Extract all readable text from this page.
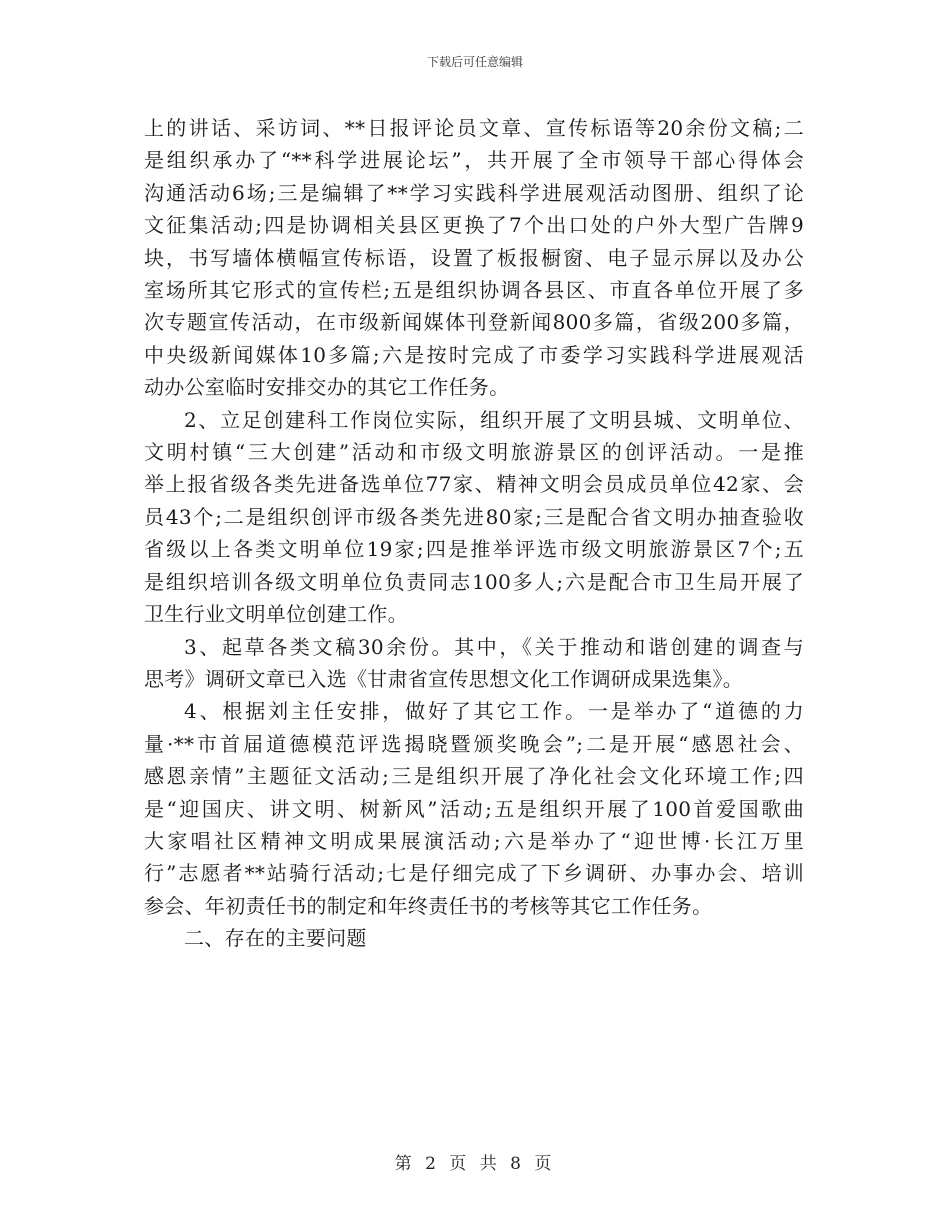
下载后可任意编辑

上的讲话、采访词、**日报评论员文章、宣传标语等20余份文稿;二
是组织承办了“**科学进展论坛”，共开展了全市领导干部心得体会
沟通活动6场;三是编辑了**学习实践科学进展观活动图册、组织了论
文征集活动;四是协调相关县区更换了7个出口处的户外大型广告牌9
块，书写墙体横幅宣传标语，设置了板报橱窗、电子显示屏以及办公
室场所其它形式的宣传栏;五是组织协调各县区、市直各单位开展了多
次专题宣传活动，在市级新闻媒体刊登新闻800多篇，省级200多篇，
中央级新闻媒体10多篇;六是按时完成了市委学习实践科学进展观活
动办公室临时安排交办的其它工作任务。

2、立足创建科工作岗位实际，组织开展了文明县城、文明单位、
文明村镇“三大创建”活动和市级文明旅游景区的创评活动。一是推
举上报省级各类先进备选单位77家、精神文明会员成员单位42家、会
员43个;二是组织创评市级各类先进80家;三是配合省文明办抽查验收
省级以上各类文明单位19家;四是推举评选市级文明旅游景区7个;五
是组织培训各级文明单位负责同志100多人;六是配合市卫生局开展了
卫生行业文明单位创建工作。

3、起草各类文稿30余份。其中，《关于推动和谐创建的调查与
思考》调研文章已入选《甘肃省宣传思想文化工作调研成果选集》。

4、根据刘主任安排，做好了其它工作。一是举办了“道德的力
量·**市首届道德模范评选揭晓暨颁奖晚会”;二是开展“感恩社会、
感恩亲情”主题征文活动;三是组织开展了净化社会文化环境工作;四
是“迎国庆、讲文明、树新风”活动;五是组织开展了100首爱国歌曲
大家唱社区精神文明成果展演活动;六是举办了“迎世博·长江万里
行”志愿者**站骑行活动;七是仔细完成了下乡调研、办事办会、培训
参会、年初责任书的制定和年终责任书的考核等其它工作任务。

二、存在的主要问题

第 2 页 共 8 页
